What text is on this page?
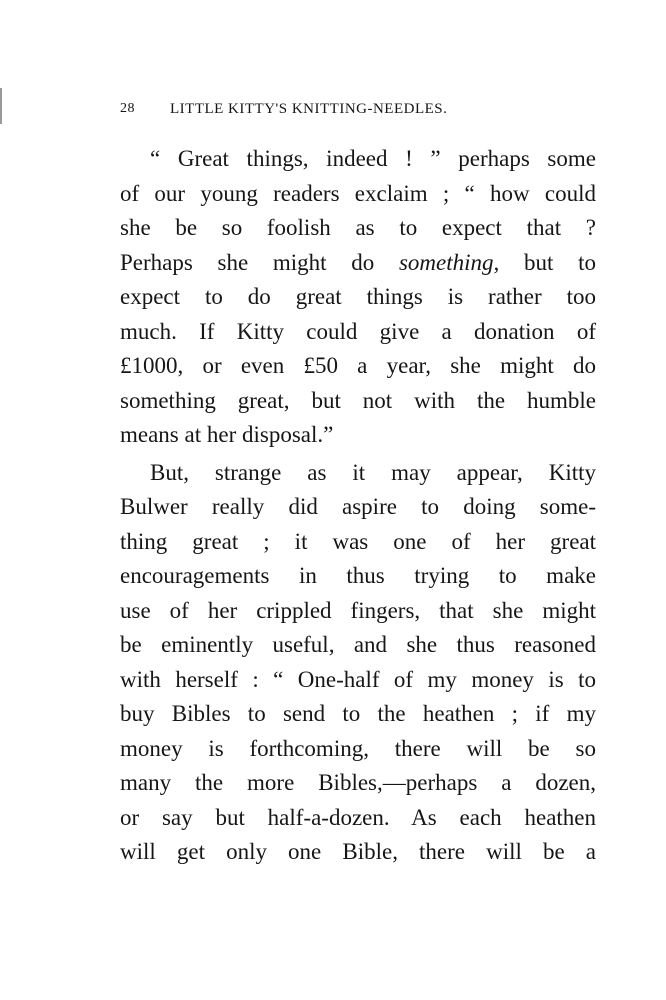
28 LITTLE KITTY'S KNITTING-NEEDLES.
“ Great things, indeed ! ” perhaps some
of our young readers exclaim ; “ how could
she be so foolish as to expect that ?
Perhaps she might do something, but to
expect to do great things is rather too
much. If Kitty could give a donation of
£1000, or even £50 a year, she might do
something great, but not with the humble
means at her disposal.”
But, strange as it may appear, Kitty
Bulwer really did aspire to doing some-
thing great ; it was one of her great
encouragements in thus trying to make
use of her crippled fingers, that she might
be eminently useful, and she thus reasoned
with herself : “ One-half of my money is to
buy Bibles to send to the heathen ; if my
money is forthcoming, there will be so
many the more Bibles,—perhaps a dozen,
or say but half-a-dozen. As each heathen
will get only one Bible, there will be a
